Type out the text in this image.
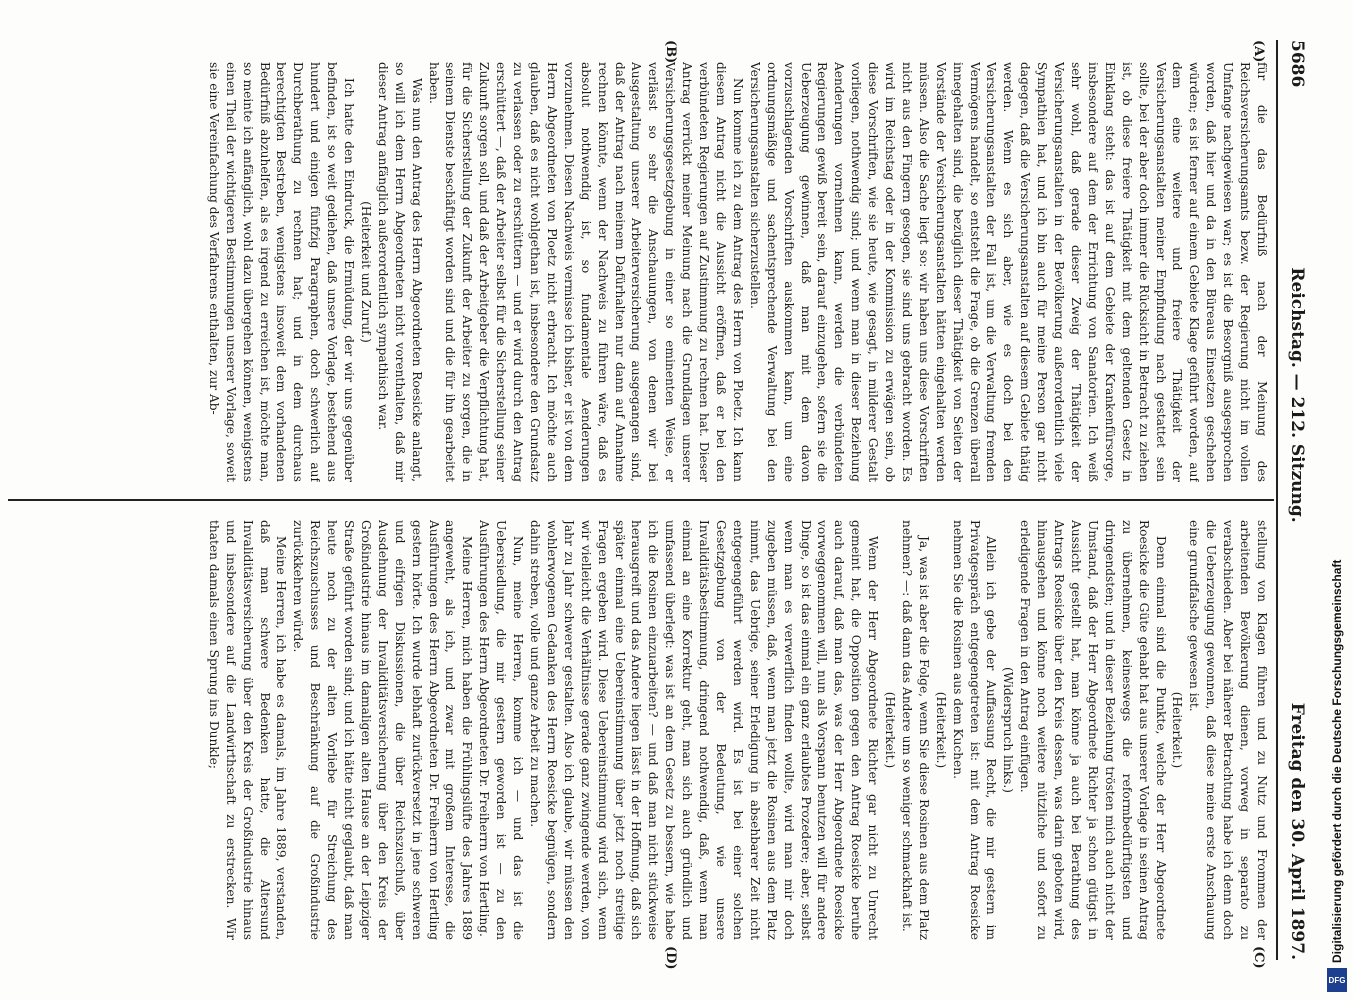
5686
Reichstag. — 212. Sitzung.
Freitag den 30. April 1897.
(A)
(B)
(C)
(D)

für die das Bedürfniß nach der Meinung des Reichsversicherungsamts bezw. der Regierung nicht im vollen Umfange nachgewiesen war; es ist die Besorgniß ausgesprochen worden, daß hier und da in den Büreaus Einsetzen geschehen würden; es ist ferner auf einem Gebiete Klage geführt worden, auf dem eine weitere und freiere Thätigkeit der Versicherungsanstalten meiner Empfindung nach gestattet sein sollte, bei der aber doch immer die Rücksicht in Betracht zu ziehen ist, ob diese freiere Thätigkeit mit dem geltenden Gesetz in Einklang steht: das ist auf dem Gebiete der Krankenfürsorge, insbesondere auf dem der Errichtung von Sanatorien. Ich weiß sehr wohl, daß gerade dieser Zweig der Thätigkeit der Versicherungsanstalten in der Bevölkerung außerordentlich viele Sympathien hat, und ich bin auch für meine Person gar nicht dagegen, daß die Versicherungsanstalten auf diesem Gebiete thätig werden. Wenn es sich aber, wie es doch bei den Versicherungsanstalten der Fall ist, um die Verwaltung fremden Vermögens handelt, so entsteht die Frage, ob die Grenzen überall innegehalten sind, die bezüglich dieser Thätigkeit von Seiten der Vorstände der Versicherungsanstalten hätten eingehalten werden müssen. Also die Sache liegt so: wir haben uns diese Vorschriften nicht aus den Fingern gesogen, sie sind uns gebracht worden. Es wird im Reichstag oder in der Kommission zu erwägen sein, ob diese Vorschriften, wie sie heute, wie gesagt, in milderer Gestalt vorliegen, nothwendig sind; und wenn man in dieser Beziehung Aenderungen vornehmen kann, werden die verbündeten Regierungen gewiß bereit sein, darauf einzugehen, sofern sie die Ueberzeugung gewinnen, daß man mit dem davon vorzuschlagenden Vorschriften auskommen kann, um eine ordnungsmäßige und sachentsprechende Verwaltung bei den Versicherungsanstalten sicherzustellen.

Nun komme ich zu dem Antrag des Herrn von Ploetz. Ich kann diesem Antrag nicht die Aussicht eröffnen, daß er bei den verbündeten Regierungen auf Zustimmung zu rechnen hat. Dieser Antrag verrückt meiner Meinung nach die Grundlagen unserer Versicherungsgesetzgebung in einer so eminenten Weise, er verlässt so sehr die Anschauungen, von denen wir bei Ausgestaltung unserer Arbeiterversicherung ausgegangen sind, daß der Antrag nach meinem Dafürhalten nur dann auf Annahme rechnen könnte, wenn der Nachweis zu führen wäre, daß es absolut nothwendig ist, so fundamentale Aenderungen vorzunehmen. Diesen Nachweis vermisse ich bisher, er ist von dem Herrn Abgeordneten von Ploetz nicht erbracht. Ich möchte auch glauben, daß es nicht wohlgethan ist, insbesondere den Grundsatz zu verlassen oder zu erschüttern — und er wird durch den Antrag erschüttert —, daß der Arbeiter selbst für die Sicherstellung seiner Zukunft sorgen soll, und daß der Arbeitgeber die Verpflichtung hat, für die Sicherstellung der Zukunft der Arbeiter zu sorgen, die in seinem Dienste beschäftigt worden sind und die für ihn gearbeitet haben.

Was nun den Antrag des Herrn Abgeordneten Roesicke anlangt, so will ich dem Herrn Abgeordneten nicht vorenthalten, daß mir dieser Antrag anfänglich außerordentlich sympathisch war.

(Heiterkeit und Zuruf.)

Ich hatte den Eindruck, die Ermüdung, der wir uns gegenüber befinden, ist so weit gediehen, daß unsere Vorlage, bestehend aus hundert und einigen fünfzig Paragraphen, doch schwerlich auf Durchberathung zu rechnen hat; und in dem durchaus berechtigten Bestreben, wenigstens insoweit dem vorhandenen Bedürfniß abzuhelfen, als es irgend zu erreichen ist, möchte man, so meinte ich anfänglich, wohl dazu übergehen können, wenigstens einen Theil der wichtigeren Bestimmungen unserer Vorlage, soweit sie eine Vereinfachung des Verfahrens enthalten, zur Ab-

stellung von Klagen führen und zu Nutz und Frommen der arbeitenden Bevölkerung dienen, vorweg in separato zu verabschieden. Aber bei näherer Betrachtung habe ich denn doch die Ueberzeugung gewonnen, daß diese meine erste Anschauung eine grundfalsche gewesen ist.

(Heiterkeit.)

Denn einmal sind die Punkte, welche der Herr Abgeordnete Roesicke die Güte gehabt hat aus unserer Vorlage in seinen Antrag zu übernehmen, keineswegs die reformbedürftigsten und dringendsten; und in dieser Beziehung trösten mich auch nicht der Umstand, daß der Herr Abgeordnete Richter ja schon gütigst in Aussicht gestellt hat, man könne ja auch bei Berathung des Antrags Roesicke über den Kreis dessen, was darin geboten wird, hinausgehen und könne noch weitere nützliche und sofort zu erledigende Fragen in den Antrag einfügen.

(Widerspruch links.)

Allein ich gebe der Auffassung Recht, die mir gestern im Privatgespräch entgegengetreten ist: mit dem Antrag Roesicke nehmen Sie die Rosinen aus dem Kuchen.

(Heiterkeit.)

Ja, was ist aber die Folge, wenn Sie diese Rosinen aus dem Platz nehmen? —: daß dann das Andere um so weniger schmackhaft ist.

(Heiterkeit.)

Wenn der Herr Abgeordnete Richter gar nicht zu Unrecht gemeint hat, die Opposition gegen den Antrag Roesicke beruhe auch darauf, daß man das, was der Herr Abgeordnete Roesicke vorweggenommen will, nun als Vorspann benutzen will für andere Dinge, so ist das einmal ein ganz erlaubtes Prozedere; aber, selbst wenn man es verwerflich finden wollte, wird man mir doch zugeben müssen, daß, wenn man jetzt die Rosinen aus dem Platz nimmt, das Uebrige, seiner Erledigung in absehbarer Zeit nicht entgegengeführt werden wird. Es ist bei einer solchen Gesetzgebung von der Bedeutung, wie unsere Invaliditätsbestimmung, dringend nothwendig, daß, wenn man einmal an eine Korrektur geht, man sich auch gründlich und umfassend überlegt: was ist an dem Gesetz zu bessern, wie habe ich die Rosinen einzuarbeiten? — und daß man nicht stückweise herausgreift und das Andere liegen lässt in der Hoffnung, daß sich später einmal eine Uebereinstimmung über jetzt noch streitige Fragen ergeben wird. Diese Uebereinstimmung wird sich, wenn wir vielleicht die Verhältnisse gerade ganz zwingende werden, von Jahr zu Jahr schwerer gestalten. Also ich glaube, wir müssen den wohlerwogenen Gedanken des Herrn Roesicke begnügen, sondern dahin streben, volle und ganze Arbeit zu machen.

Nun, meine Herren, komme ich — und das ist die Uebersiedlung, die mir gestern geworden ist — zu den Ausführungen des Herrn Abgeordneten Dr. Freiherrn von Hertling.

Meine Herren, mich haben die Frühlingslüfte des Jahres 1889 angeweht, als ich, und zwar mit großem Interesse, die Ausführungen des Herrn Abgeordneten Dr. Freiherrn von Hertling gestern hörte. Ich wurde lebhaft zurückversetzt in jene schweren und eifrigen Diskussionen, die über Reichszuschuß, über Ausdehnung der Invaliditätsversicherung über den Kreis der Großindustrie hinaus im damaligen alten Hause an der Leipziger Straße geführt worden sind; und ich hätte nicht geglaubt, daß man heute noch zu der alten Vorliebe für Streichung des Reichszuschusses und Beschränkung auf die Großindustrie zurückkehren würde.

Meine Herren, ich habe es damals, im Jahre 1889, verstanden, daß man schwere Bedenken hatte, die Altersund Invaliditätsversicherung über den Kreis der Großindustrie hinaus und insbesondere auf die Landwirthschaft zu erstrecken. Wir thaten damals einen Sprung ins Dunkle;	Digitalisierung gefördert durch die Deutsche Forschungsgemeinschaft
DFG
